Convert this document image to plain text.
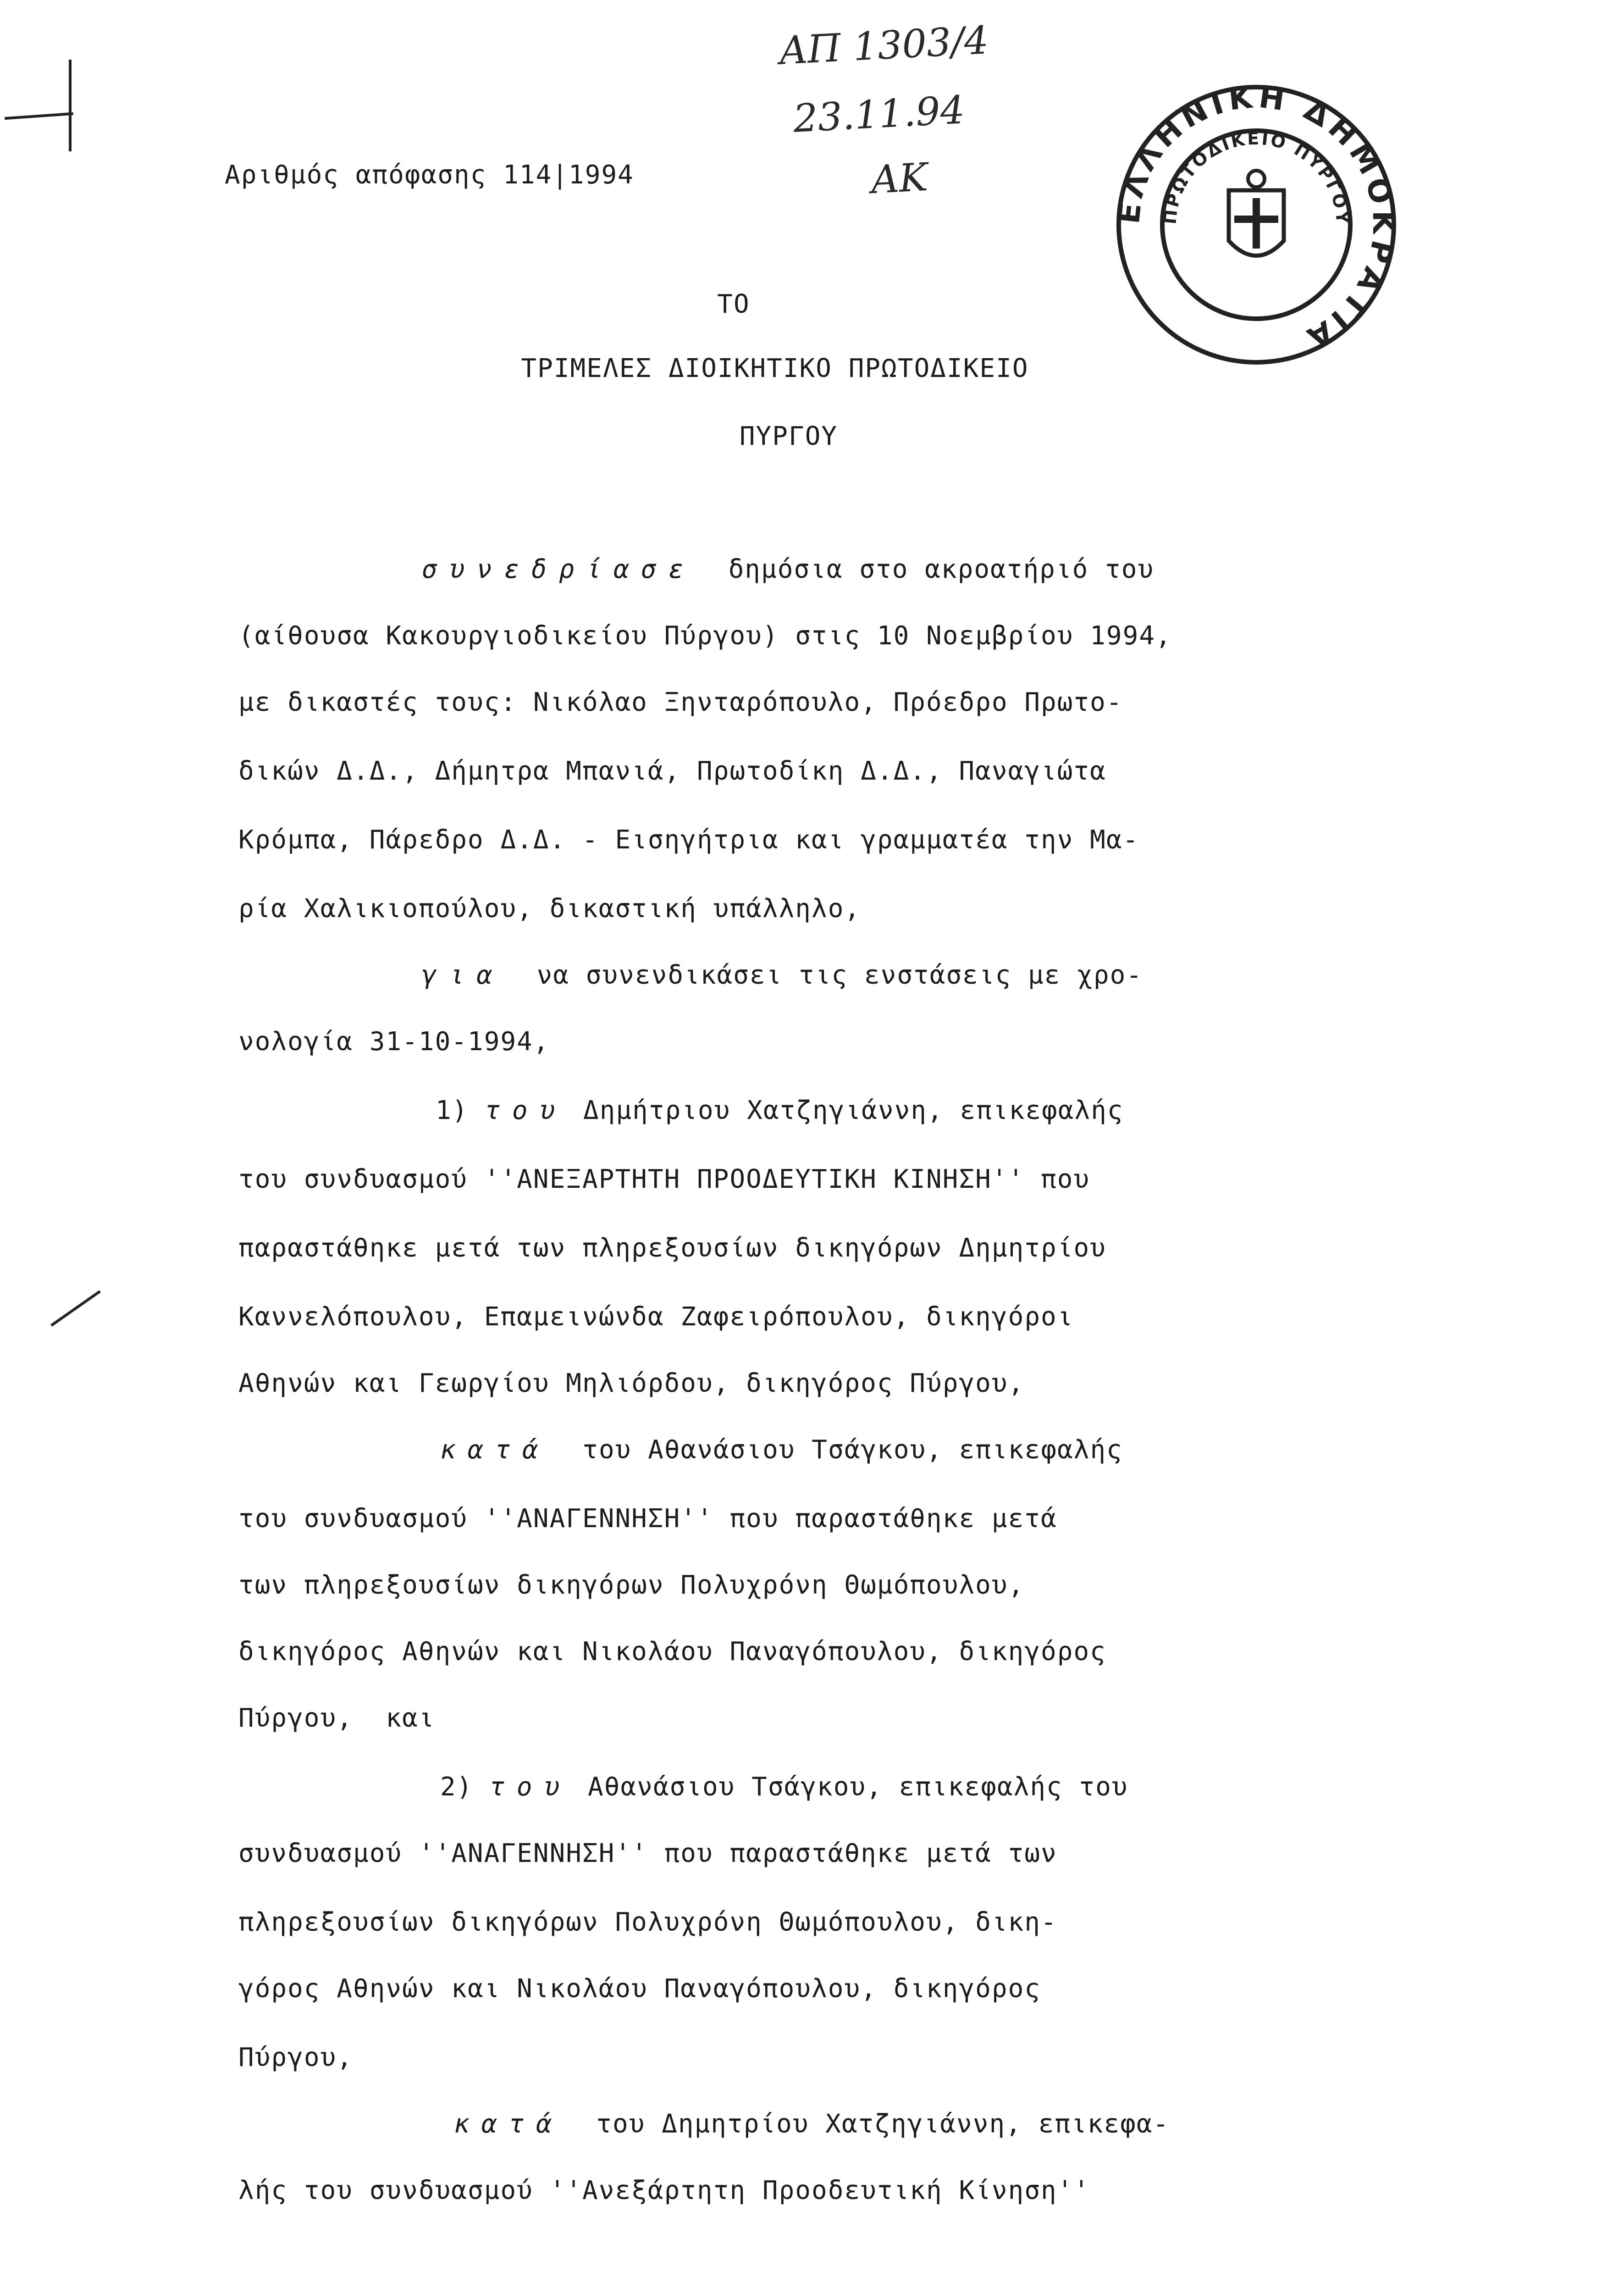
ΑΠ 1303/4
23.11.94
ΑΚ
ΕΛΛΗΝΙΚΗ ΔΗΜΟΚΡΑΤΙΑ
ΠΡΩΤΟΔΙΚΕΙΟ ΠΥΡΓΟΥ
Αριθμός απόφασης 114|1994
ΤΟ
ΤΡΙΜΕΛΕΣ ΔΙΟΙΚΗΤΙΚΟ ΠΡΩΤΟΔΙΚΕΙΟ
ΠΥΡΓΟΥ
συνεδρίασε δημόσια στο ακροατήριό του
(αίθουσα Κακουργιοδικείου Πύργου) στις 10 Νοεμβρίου 1994,
με δικαστές τους: Νικόλαο Ξηνταρόπουλο, Πρόεδρο Πρωτο-
δικών Δ.Δ., Δήμητρα Μπανιά, Πρωτοδίκη Δ.Δ., Παναγιώτα
Κρόμπα, Πάρεδρο Δ.Δ. - Εισηγήτρια και γραμματέα την Μα-
ρία Χαλικιοπούλου, δικαστική υπάλληλο,
για να συνενδικάσει τις ενστάσεις με χρο-
νολογία 31-10-1994,
1) του Δημήτριου Χατζηγιάννη, επικεφαλής
του συνδυασμού ''ΑΝΕΞΑΡΤΗΤΗ ΠΡΟΟΔΕΥΤΙΚΗ ΚΙΝΗΣΗ'' που
παραστάθηκε μετά των πληρεξουσίων δικηγόρων Δημητρίου
Καννελόπουλου, Επαμεινώνδα Ζαφειρόπουλου, δικηγόροι
Αθηνών και Γεωργίου Μηλιόρδου, δικηγόρος Πύργου,
κατά του Αθανάσιου Τσάγκου, επικεφαλής
του συνδυασμού ''ΑΝΑΓΕΝΝΗΣΗ'' που παραστάθηκε μετά
των πληρεξουσίων δικηγόρων Πολυχρόνη Θωμόπουλου,
δικηγόρος Αθηνών και Νικολάου Παναγόπουλου, δικηγόρος
Πύργου,  και
2) του Αθανάσιου Τσάγκου, επικεφαλής του
συνδυασμού ''ΑΝΑΓΕΝΝΗΣΗ'' που παραστάθηκε μετά των
πληρεξουσίων δικηγόρων Πολυχρόνη Θωμόπουλου, δικη-
γόρος Αθηνών και Νικολάου Παναγόπουλου, δικηγόρος
Πύργου,
κατά του Δημητρίου Χατζηγιάννη, επικεφα-
λής του συνδυασμού ''Ανεξάρτητη Προοδευτική Κίνηση''
